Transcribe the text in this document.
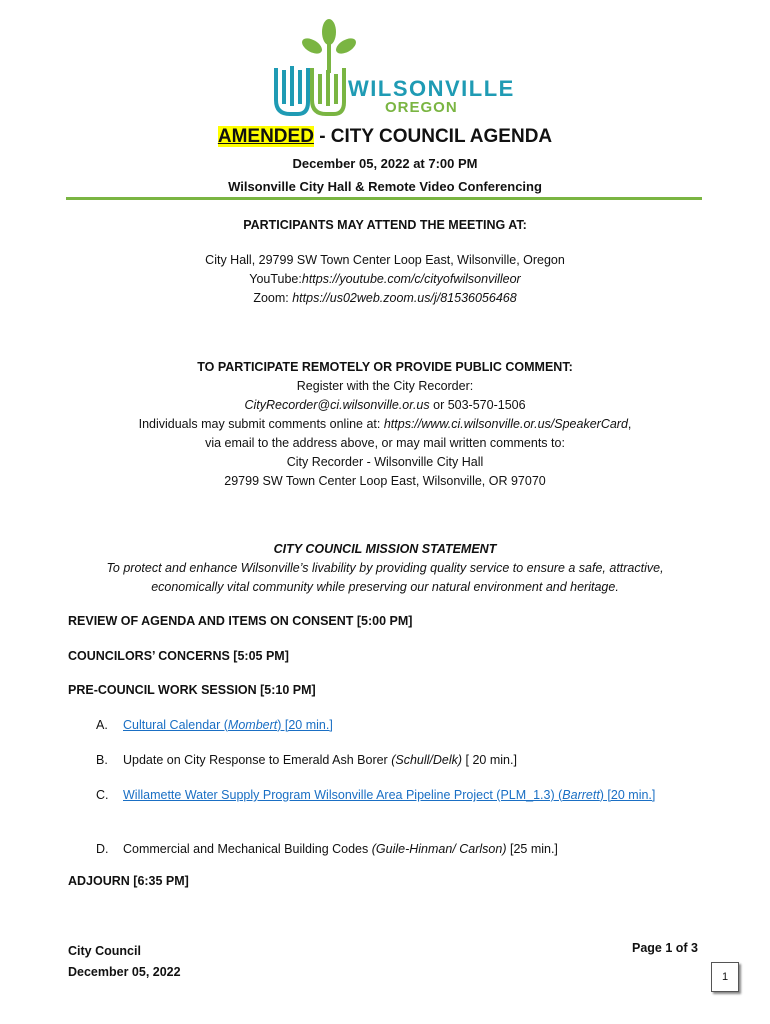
WILSONVILLE
OREGON
AMENDED - CITY COUNCIL AGENDA
December 05, 2022 at 7:00 PM
Wilsonville City Hall & Remote Video Conferencing
PARTICIPANTS MAY ATTEND THE MEETING AT:
City Hall, 29799 SW Town Center Loop East, Wilsonville, Oregon
YouTube:https://youtube.com/c/cityofwilsonvilleor
Zoom: https://us02web.zoom.us/j/81536056468
TO PARTICIPATE REMOTELY OR PROVIDE PUBLIC COMMENT:
Register with the City Recorder:
CityRecorder@ci.wilsonville.or.us or 503-570-1506
Individuals may submit comments online at: https://www.ci.wilsonville.or.us/SpeakerCard,
via email to the address above, or may mail written comments to:
City Recorder - Wilsonville City Hall
29799 SW Town Center Loop East, Wilsonville, OR 97070
CITY COUNCIL MISSION STATEMENT
To protect and enhance Wilsonville’s livability by providing quality service to ensure a safe, attractive,
economically vital community while preserving our natural environment and heritage.
REVIEW OF AGENDA AND ITEMS ON CONSENT [5:00 PM]
COUNCILORS’ CONCERNS [5:05 PM]
PRE-COUNCIL WORK SESSION [5:10 PM]
A. Cultural Calendar (Mombert) [20 min.]
B. Update on City Response to Emerald Ash Borer (Schull/Delk) [ 20 min.]
C. Willamette Water Supply Program Wilsonville Area Pipeline Project (PLM_1.3) (Barrett) [20 min.]
D. Commercial and Mechanical Building Codes (Guile-Hinman/ Carlson) [25 min.]
ADJOURN [6:35 PM]
City Council
December 05, 2022
Page 1 of 3
1
